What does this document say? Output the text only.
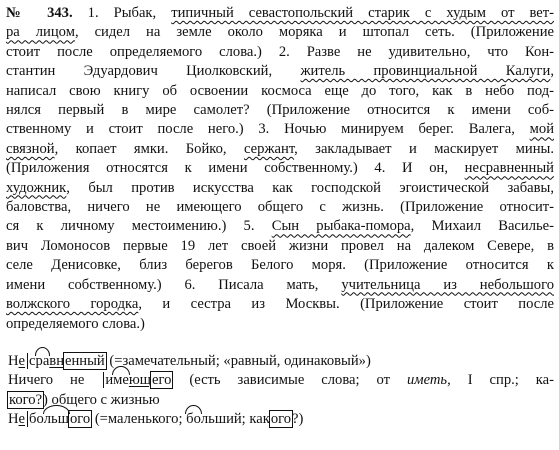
№ 343. 1. Рыбак, типичный севастопольский старик с худым от вет-
ра лицом, сидел на земле около моряка и штопал сеть. (Приложение
стоит после определяемого слова.) 2. Разве не удивительно, что Кон-
стантин Эдуардович Циолковский, житель провинциальной Калуги,
написал свою книгу об освоении космоса еще до того, как в небо под-
нялся первый в мире самолет? (Приложение относится к имени соб-
ственному и стоит после него.) 3. Ночью минируем берег. Валега, мой
связной, копает ямки. Бойко, сержант, закладывает и маскирует мины.
(Приложения относятся к имени собственному.) 4. И он, несравненный
художник, был против искусства как господской эгоистической забавы,
баловства, ничего не имеющего общего с жизнь. (Приложение относит-
ся к личному местоимению.) 5. Сын рыбака-помора, Михаил Василье-
вич Ломоносов первые 19 лет своей жизни провел на далеком Севере, в
селе Денисовке, близ берегов Белого моря. (Приложение относится к
имени собственному.) 6. Писала мать, учительница из небольшого
волжского городка, и сестра из Москвы. (Приложение стоит после
определяемого слова.)
Не сравненный (=замечательный; «равный, одинаковый»)
Ничего не имеющего (есть зависимые слова; от иметь, I спр.; ка-
кого?) общего с жизнью
Не большого (=маленького; больший; какого?)
